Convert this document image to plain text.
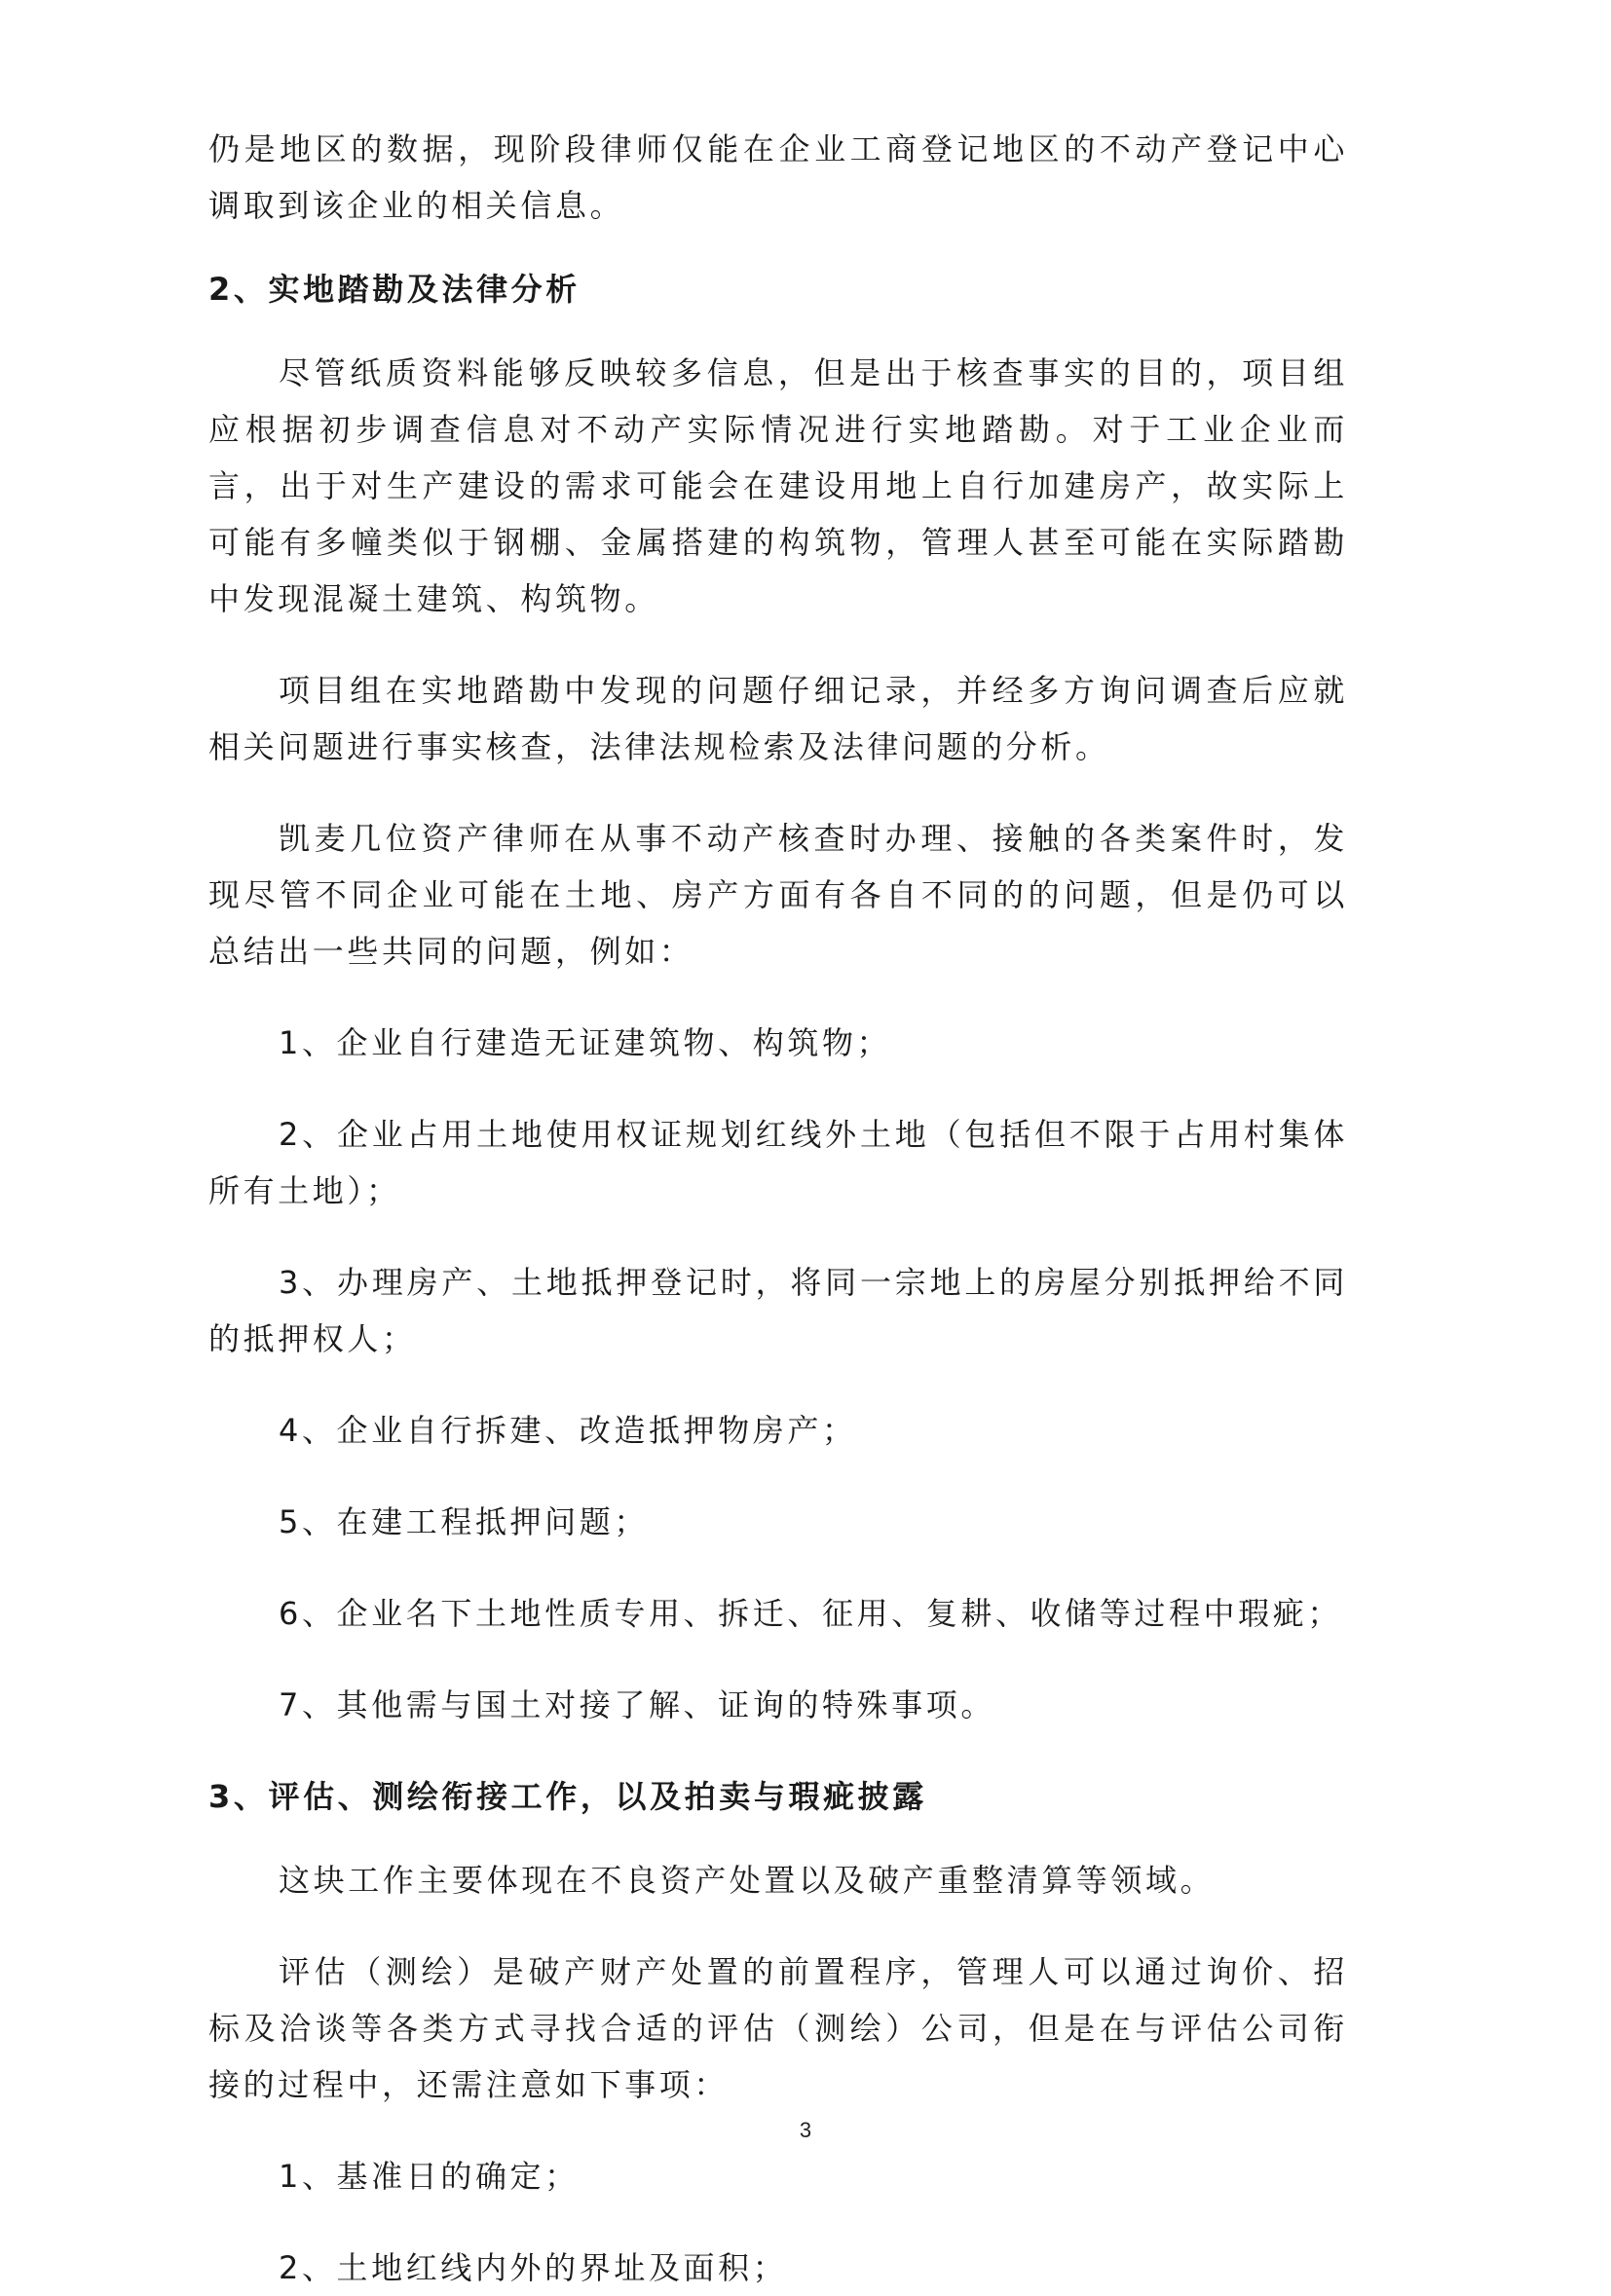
仍是地区的数据，现阶段律师仅能在企业工商登记地区的不动产登记中心调取到该企业的相关信息。

2、实地踏勘及法律分析

尽管纸质资料能够反映较多信息，但是出于核查事实的目的，项目组应根据初步调查信息对不动产实际情况进行实地踏勘。对于工业企业而言，出于对生产建设的需求可能会在建设用地上自行加建房产，故实际上可能有多幢类似于钢棚、金属搭建的构筑物，管理人甚至可能在实际踏勘中发现混凝土建筑、构筑物。

项目组在实地踏勘中发现的问题仔细记录，并经多方询问调查后应就相关问题进行事实核查，法律法规检索及法律问题的分析。

凯麦几位资产律师在从事不动产核查时办理、接触的各类案件时，发现尽管不同企业可能在土地、房产方面有各自不同的的问题，但是仍可以总结出一些共同的问题，例如：

1、企业自行建造无证建筑物、构筑物；

2、企业占用土地使用权证规划红线外土地（包括但不限于占用村集体所有土地）；

3、办理房产、土地抵押登记时，将同一宗地上的房屋分别抵押给不同的抵押权人；

4、企业自行拆建、改造抵押物房产；

5、在建工程抵押问题；

6、企业名下土地性质专用、拆迁、征用、复耕、收储等过程中瑕疵；

7、其他需与国土对接了解、证询的特殊事项。

3、评估、测绘衔接工作，以及拍卖与瑕疵披露

这块工作主要体现在不良资产处置以及破产重整清算等领域。

评估（测绘）是破产财产处置的前置程序，管理人可以通过询价、招标及洽谈等各类方式寻找合适的评估（测绘）公司，但是在与评估公司衔接的过程中，还需注意如下事项：

1、基准日的确定；

2、土地红线内外的界址及面积；

3
